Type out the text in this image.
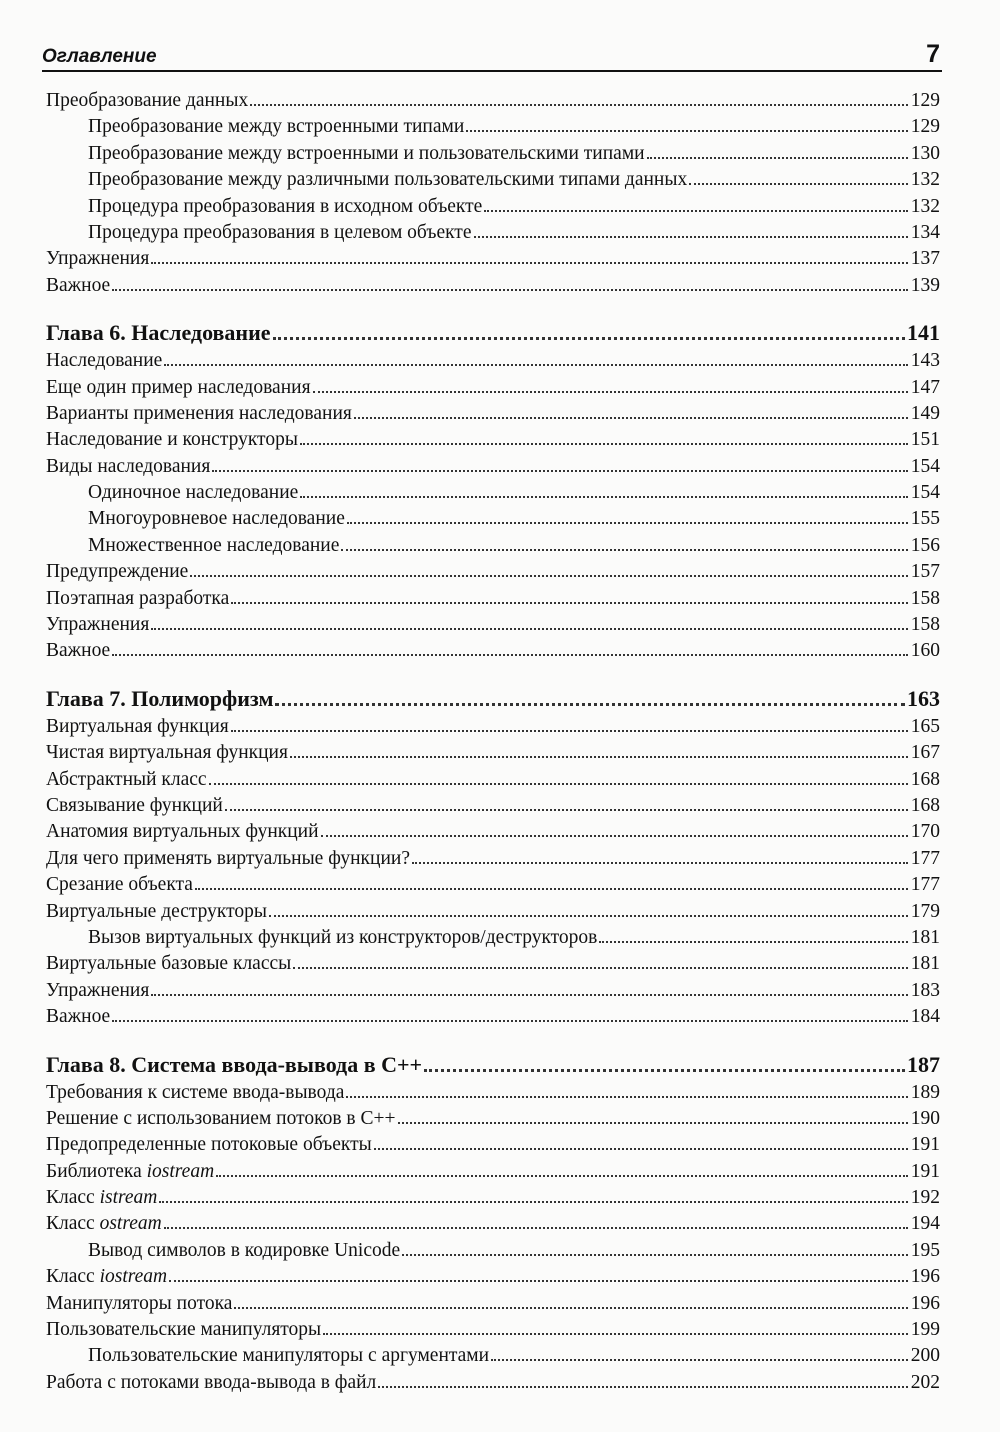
Оглавление	7
Преобразование данных	129
Преобразование между встроенными типами	129
Преобразование между встроенными и пользовательскими типами	130
Преобразование между различными пользовательскими типами данных	132
Процедура преобразования в исходном объекте	132
Процедура преобразования в целевом объекте	134
Упражнения	137
Важное	139
Глава 6. Наследование	141
Наследование	143
Еще один пример наследования	147
Варианты применения наследования	149
Наследование и конструкторы	151
Виды наследования	154
Одиночное наследование	154
Многоуровневое наследование	155
Множественное наследование	156
Предупреждение	157
Поэтапная разработка	158
Упражнения	158
Важное	160
Глава 7. Полиморфизм	163
Виртуальная функция	165
Чистая виртуальная функция	167
Абстрактный класс	168
Связывание функций	168
Анатомия виртуальных функций	170
Для чего применять виртуальные функции?	177
Срезание объекта	177
Виртуальные деструкторы	179
Вызов виртуальных функций из конструкторов/деструкторов	181
Виртуальные базовые классы	181
Упражнения	183
Важное	184
Глава 8. Система ввода-вывода в C++	187
Требования к системе ввода-вывода	189
Решение с использованием потоков в C++	190
Предопределенные потоковые объекты	191
Библиотека iostream	191
Класс istream	192
Класс ostream	194
Вывод символов в кодировке Unicode	195
Класс iostream	196
Манипуляторы потока	196
Пользовательские манипуляторы	199
Пользовательские манипуляторы с аргументами	200
Работа с потоками ввода-вывода в файл	202
